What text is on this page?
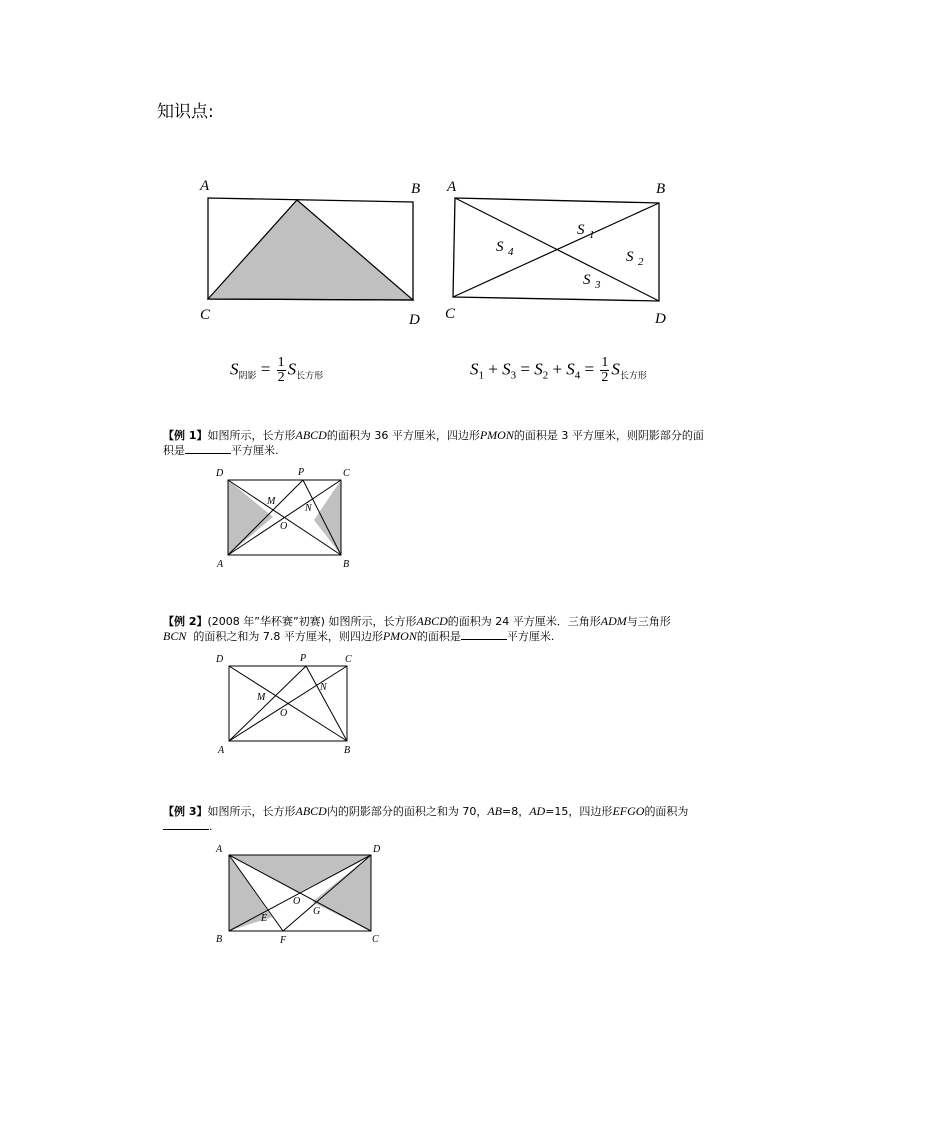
知识点:
A	B
C	D
A	B
C	D
S 1
S 2
S 3
S 4
$S_{阴影} = \frac{1}{2} S_{长方形}$	$S_1 + S_3 = S_2 + S_4 = \frac{1}{2} S_{长方形}$
【例 1】如图所示，长方形ABCD的面积为 36 平方厘米，四边形PMON的面积是 3 平方厘米，则阴影部分的面积是	平方厘米.
D	P	C
M
N
O
A	B
【例 2】(2008 年”华杯赛”初赛) 如图所示，长方形ABCD的面积为 24 平方厘米．三角形ADM与三角形BCN 的面积之和为 7.8 平方厘米，则四边形PMON的面积是	平方厘米.
D	P	C
M
N
O
A	B
【例 3】如图所示，长方形ABCD内的阴影部分的面积之和为 70，AB=8，AD=15，四边形EFGO的面积为.
A	D
O
E
G
B	F	C
